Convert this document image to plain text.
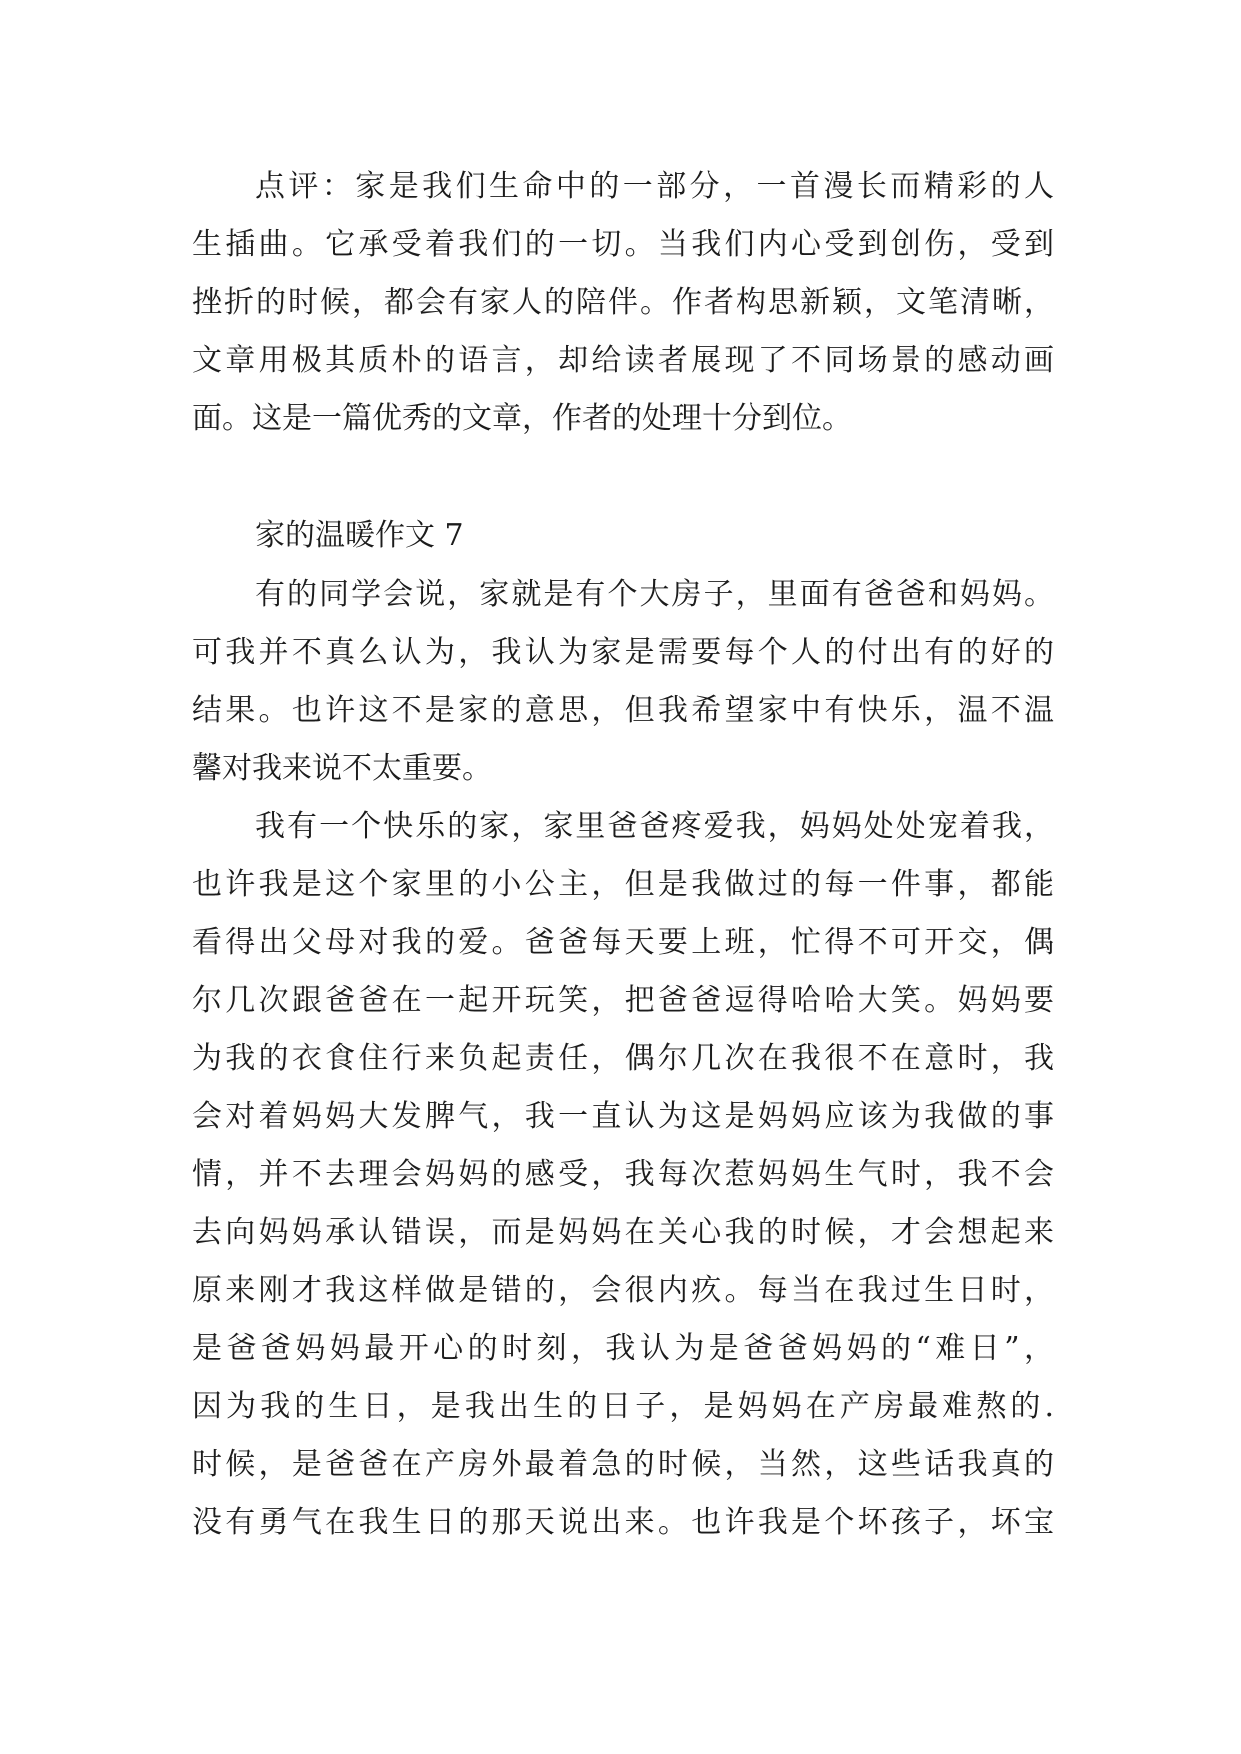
点评：家是我们生命中的一部分，一首漫长而精彩的人
生插曲。它承受着我们的一切。当我们内心受到创伤，受到
挫折的时候，都会有家人的陪伴。作者构思新颖，文笔清晰，
文章用极其质朴的语言，却给读者展现了不同场景的感动画
面。这是一篇优秀的文章，作者的处理十分到位。
家的温暖作文 7
有的同学会说，家就是有个大房子，里面有爸爸和妈妈。
可我并不真么认为，我认为家是需要每个人的付出有的好的
结果。也许这不是家的意思，但我希望家中有快乐，温不温
馨对我来说不太重要。
我有一个快乐的家，家里爸爸疼爱我，妈妈处处宠着我，
也许我是这个家里的小公主，但是我做过的每一件事，都能
看得出父母对我的爱。爸爸每天要上班，忙得不可开交，偶
尔几次跟爸爸在一起开玩笑，把爸爸逗得哈哈大笑。妈妈要
为我的衣食住行来负起责任，偶尔几次在我很不在意时，我
会对着妈妈大发脾气，我一直认为这是妈妈应该为我做的事
情，并不去理会妈妈的感受，我每次惹妈妈生气时，我不会
去向妈妈承认错误，而是妈妈在关心我的时候，才会想起来
原来刚才我这样做是错的，会很内疚。每当在我过生日时，
是爸爸妈妈最开心的时刻，我认为是爸爸妈妈的“难日”，
因为我的生日，是我出生的日子，是妈妈在产房最难熬的.
时候，是爸爸在产房外最着急的时候，当然，这些话我真的
没有勇气在我生日的那天说出来。也许我是个坏孩子，坏宝
